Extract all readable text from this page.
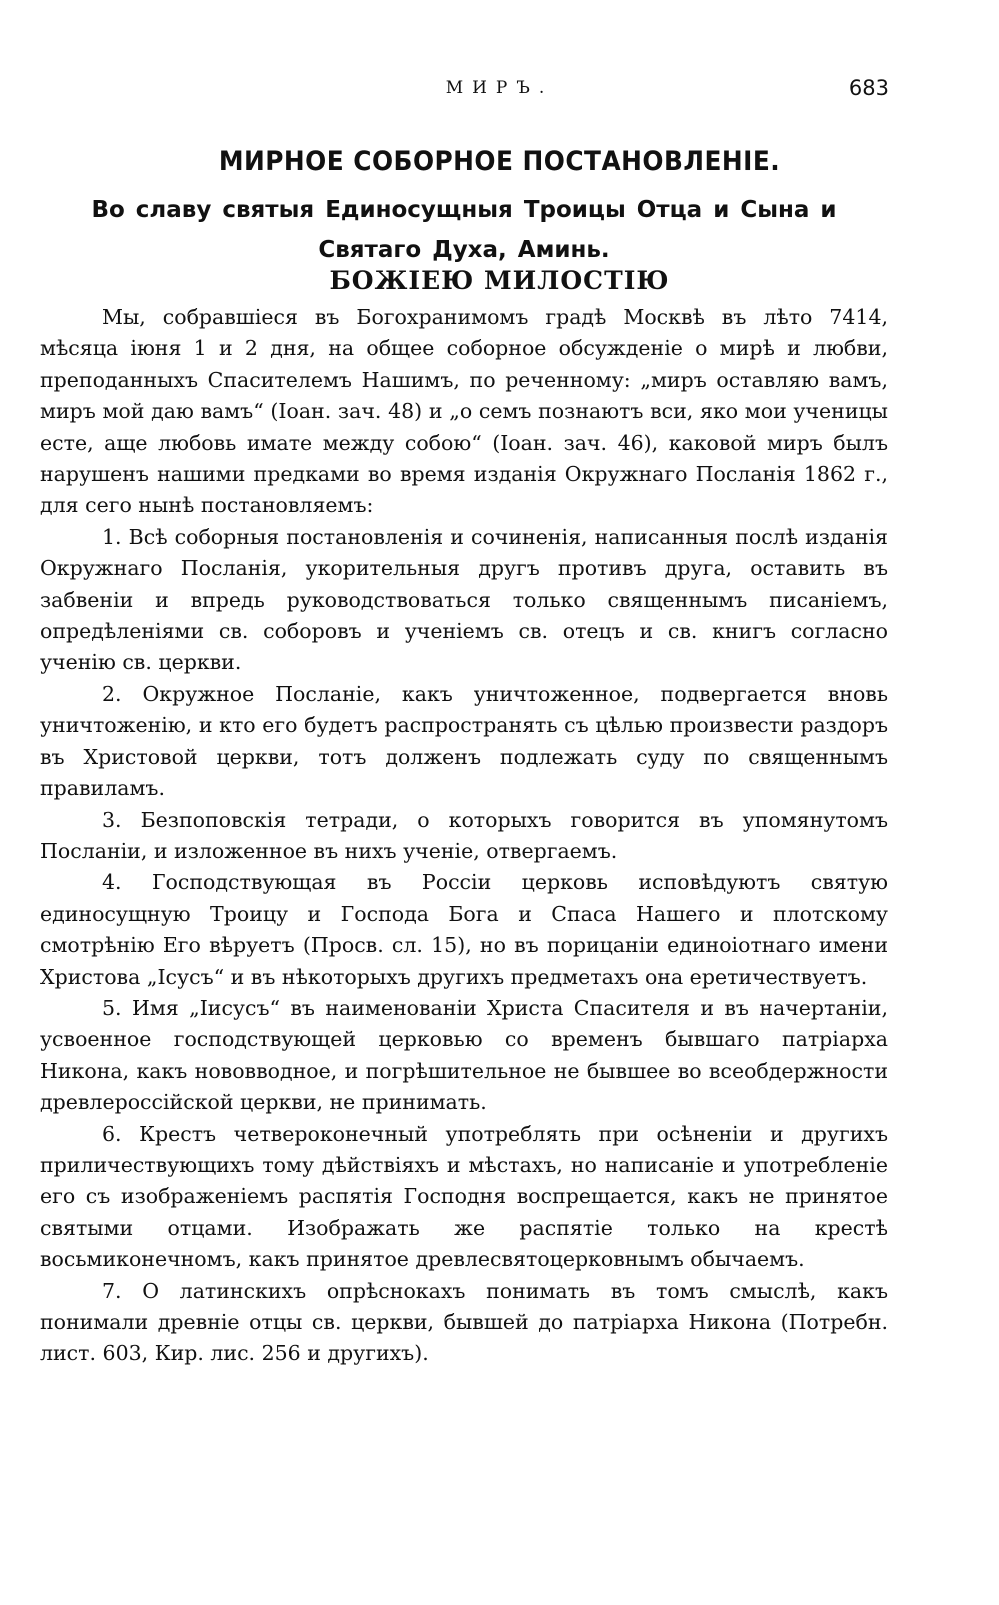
МИРЪ.	683
МИРНОЕ СОБОРНОЕ ПОСТАНОВЛЕНІЕ.
Во славу святыя Единосущныя Троицы Отца и Сына и Святаго Духа, Аминь.
БОЖІЕЮ МИЛОСТІЮ

Мы, собравшіеся въ Богохранимомъ градѣ Москвѣ въ лѣто 7414, мѣсяца іюня 1 и 2 дня, на общее соборное обсужденіе о мирѣ и любви, преподанныхъ Спасителемъ Нашимъ, по реченному: „миръ оставляю вамъ, миръ мой даю вамъ“ (Іоан. зач. 48) и „о семъ познаютъ вси, яко мои ученицы есте, аще любовь имате между собою“ (Іоан. зач. 46), каковой миръ былъ нарушенъ нашими предками во время изданія Окружнаго Посланія 1862 г., для сего нынѣ постановляемъ:

1. Всѣ соборныя постановленія и сочиненія, написанныя послѣ изданія Окружнаго Посланія, укорительныя другъ противъ друга, оставить въ забвеніи и впредь руководствоваться только священнымъ писаніемъ, опредѣленіями св. соборовъ и ученіемъ св. отецъ и св. книгъ согласно ученію св. церкви.

2. Окружное Посланіе, какъ уничтоженное, подвергается вновь уничтоженію, и кто его будетъ распространять съ цѣлью произвести раздоръ въ Христовой церкви, тотъ долженъ подлежать суду по священнымъ правиламъ.

3. Безпоповскія тетради, о которыхъ говорится въ упомянутомъ Посланіи, и изложенное въ нихъ ученіе, отвергаемъ.

4. Господствующая въ Россіи церковь исповѣдуютъ святую единосущную Троицу и Господа Бога и Спаса Нашего и плотскому смотрѣнію Его вѣруетъ (Просв. сл. 15), но въ порицаніи единоіотнаго имени Христова „Ісусъ“ и въ нѣкоторыхъ другихъ предметахъ она еретичествуетъ.

5. Имя „Іисусъ“ въ наименованіи Христа Спасителя и въ начертаніи, усвоенное господствующей церковью со временъ бывшаго патріарха Никона, какъ нововводное, и погрѣшительное не бывшее во всеобдержности древлероссійской церкви, не принимать.

6. Крестъ четвероконечный употреблять при осѣненіи и другихъ приличествующихъ тому дѣйствіяхъ и мѣстахъ, но написаніе и употребленіе его съ изображеніемъ распятія Господня воспрещается, какъ не принятое святыми отцами. Изображать же распятіе только на крестѣ восьмиконечномъ, какъ принятое древлесвятоцерковнымъ обычаемъ.

7. О латинскихъ опрѣснокахъ понимать въ томъ смыслѣ, какъ понимали древніе отцы св. церкви, бывшей до патріарха Никона (Потребн. лист. 603, Кир. лис. 256 и другихъ).
